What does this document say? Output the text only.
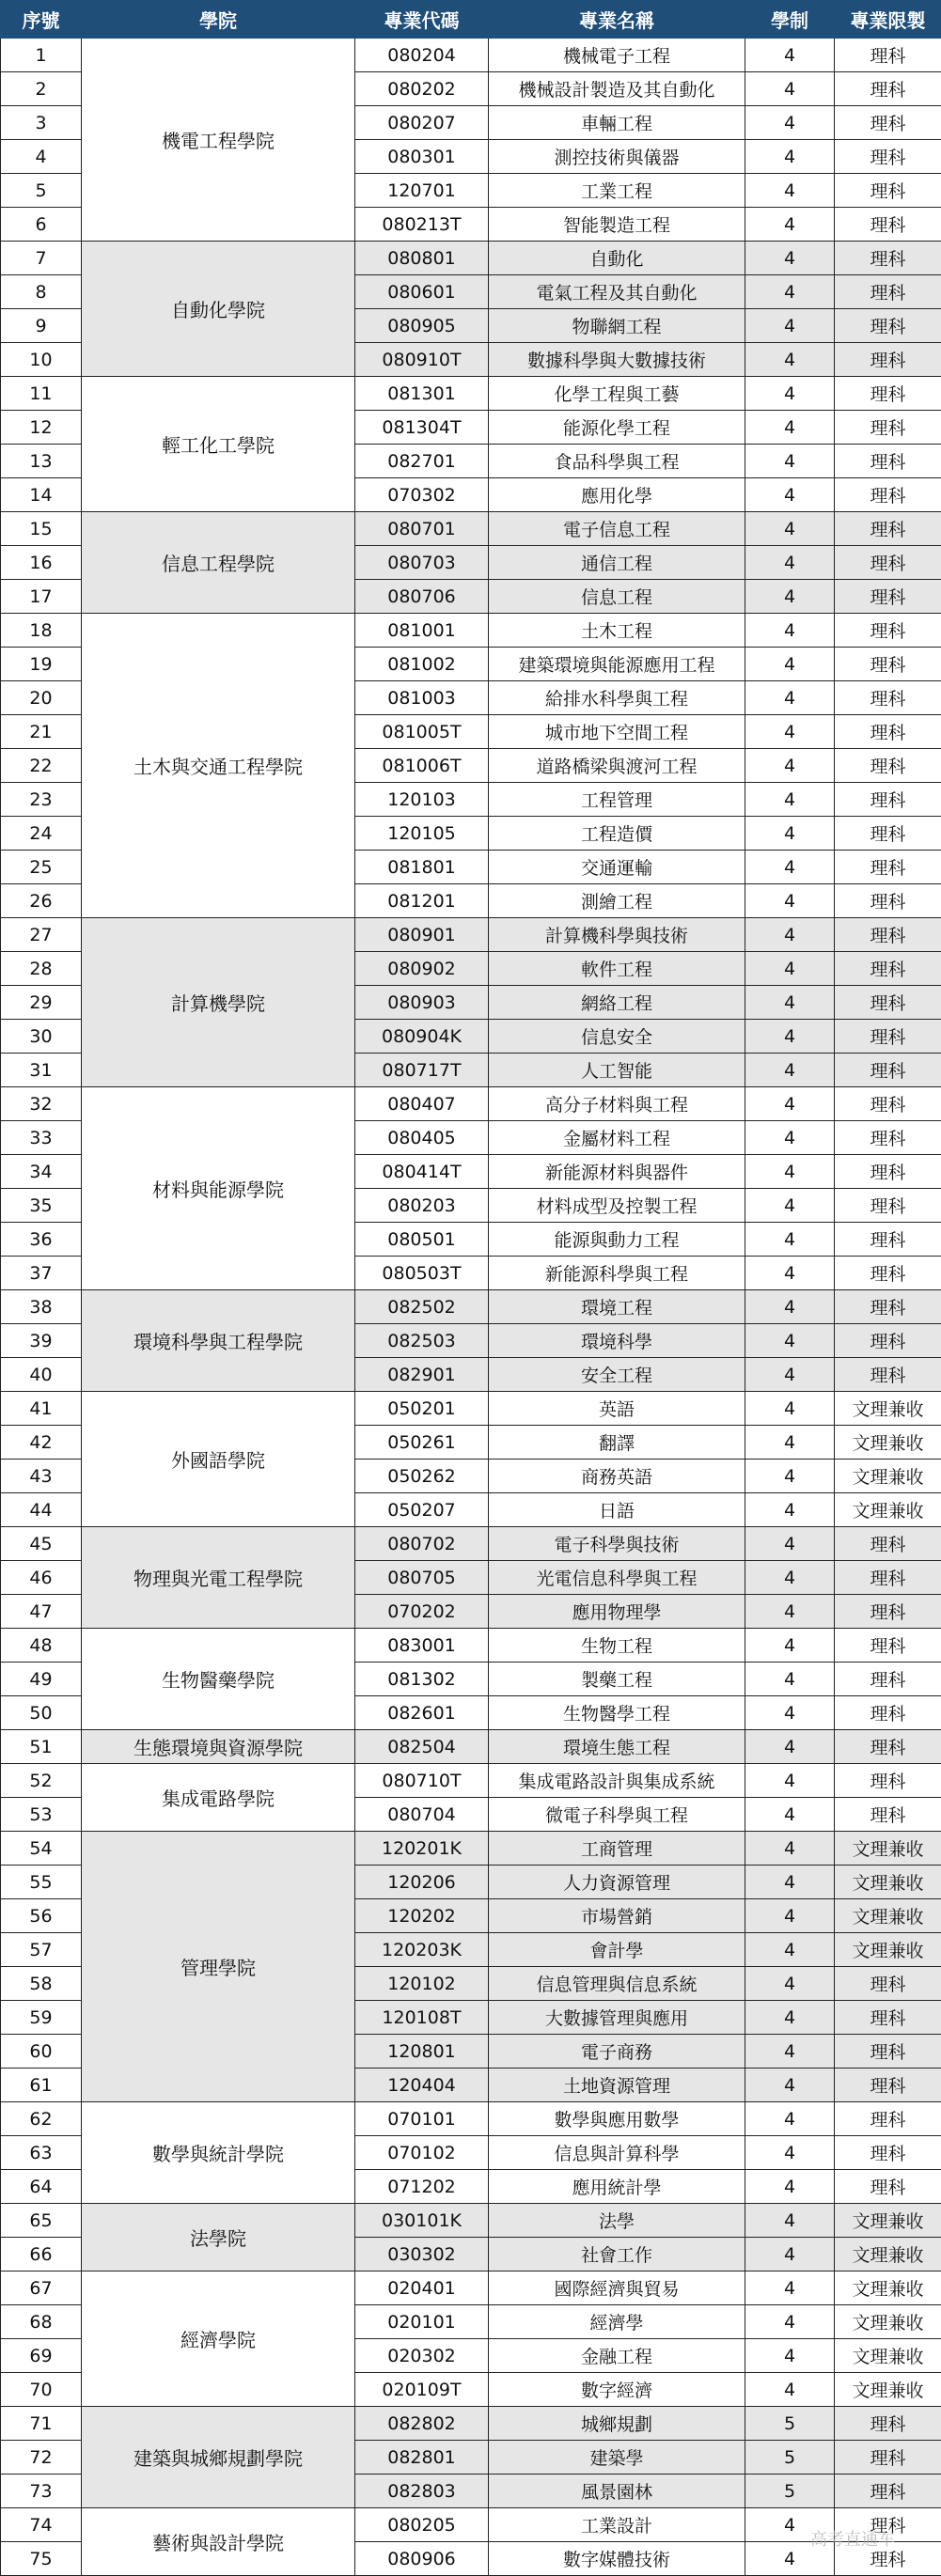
序號	學院	專業代碼	專業名稱	學制	專業限製
1	機電工程學院	080204	機械電子工程	4	理科
2		080202	機械設計製造及其自動化	4	理科
3		080207	車輛工程	4	理科
4		080301	測控技術與儀器	4	理科
5		120701	工業工程	4	理科
6		080213T	智能製造工程	4	理科
7	自動化學院	080801	自動化	4	理科
8		080601	電氣工程及其自動化	4	理科
9		080905	物聯網工程	4	理科
10		080910T	數據科學與大數據技術	4	理科
11	輕工化工學院	081301	化學工程與工藝	4	理科
12		081304T	能源化學工程	4	理科
13		082701	食品科學與工程	4	理科
14		070302	應用化學	4	理科
15	信息工程學院	080701	電子信息工程	4	理科
16		080703	通信工程	4	理科
17		080706	信息工程	4	理科
18	土木與交通工程學院	081001	土木工程	4	理科
19		081002	建築環境與能源應用工程	4	理科
20		081003	給排水科學與工程	4	理科
21		081005T	城市地下空間工程	4	理科
22		081006T	道路橋梁與渡河工程	4	理科
23		120103	工程管理	4	理科
24		120105	工程造價	4	理科
25		081801	交通運輸	4	理科
26		081201	測繪工程	4	理科
27	計算機學院	080901	計算機科學與技術	4	理科
28		080902	軟件工程	4	理科
29		080903	網絡工程	4	理科
30		080904K	信息安全	4	理科
31		080717T	人工智能	4	理科
32	材料與能源學院	080407	高分子材料與工程	4	理科
33		080405	金屬材料工程	4	理科
34		080414T	新能源材料與器件	4	理科
35		080203	材料成型及控製工程	4	理科
36		080501	能源與動力工程	4	理科
37		080503T	新能源科學與工程	4	理科
38	環境科學與工程學院	082502	環境工程	4	理科
39		082503	環境科學	4	理科
40		082901	安全工程	4	理科
41	外國語學院	050201	英語	4	文理兼收
42		050261	翻譯	4	文理兼收
43		050262	商務英語	4	文理兼收
44		050207	日語	4	文理兼收
45	物理與光電工程學院	080702	電子科學與技術	4	理科
46		080705	光電信息科學與工程	4	理科
47		070202	應用物理學	4	理科
48	生物醫藥學院	083001	生物工程	4	理科
49		081302	製藥工程	4	理科
50		082601	生物醫學工程	4	理科
51	生態環境與資源學院	082504	環境生態工程	4	理科
52	集成電路學院	080710T	集成電路設計與集成系統	4	理科
53		080704	微電子科學與工程	4	理科
54	管理學院	120201K	工商管理	4	文理兼收
55		120206	人力資源管理	4	文理兼收
56		120202	市場營銷	4	文理兼收
57		120203K	會計學	4	文理兼收
58		120102	信息管理與信息系統	4	理科
59		120108T	大數據管理與應用	4	理科
60		120801	電子商務	4	理科
61		120404	土地資源管理	4	理科
62	數學與統計學院	070101	數學與應用數學	4	理科
63		070102	信息與計算科學	4	理科
64		071202	應用統計學	4	理科
65	法學院	030101K	法學	4	文理兼收
66		030302	社會工作	4	文理兼收
67	經濟學院	020401	國際經濟與貿易	4	文理兼收
68		020101	經濟學	4	文理兼收
69		020302	金融工程	4	文理兼收
70		020109T	數字經濟	4	文理兼收
71	建築與城鄉規劃學院	082802	城鄉規劃	5	理科
72		082801	建築學	5	理科
73		082803	風景園林	5	理科
74	藝術與設計學院	080205	工業設計	4	理科
75		080906	數字媒體技術	4	理科
高考直通车
